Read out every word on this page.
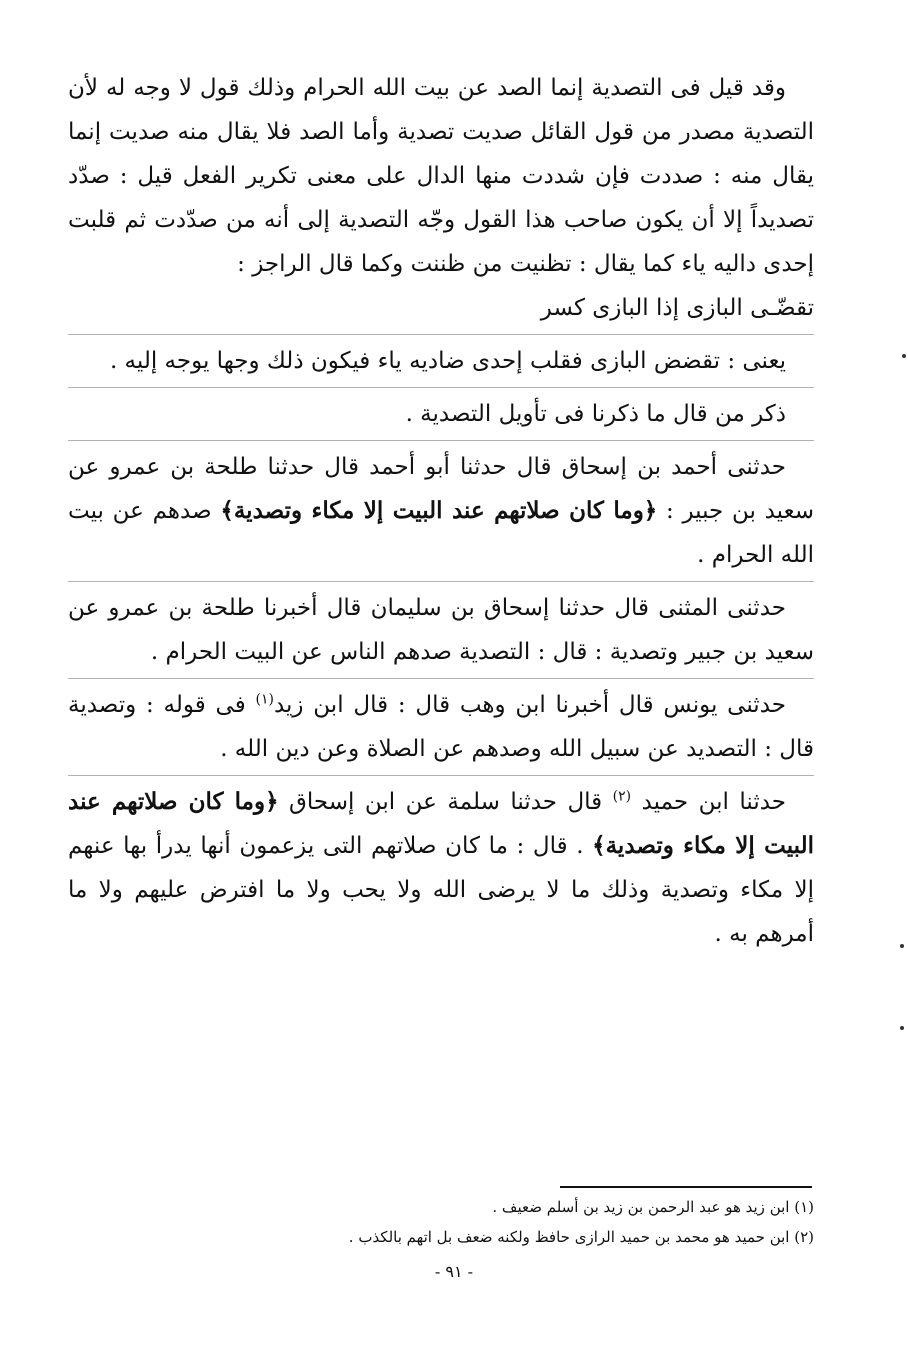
وقد قيل فى التصدية إنما الصد عن بيت الله الحرام وذلك قول لا وجه له لأن التصدية مصدر من قول القائل صديت تصدية وأما الصد فلا يقال منه صديت إنما يقال منه : صددت فإن شددت منها الدال على معنى تكرير الفعل قيل : صدّد تصديداً إلا أن يكون صاحب هذا القول وجّه التصدية إلى أنه من صدّدت ثم قلبت إحدى داليه ياء كما يقال : تظنيت من ظننت وكما قال الراجز :

تقضّـى البازى إذا البازى كسر

يعنى : تقضض البازى فقلب إحدى ضاديه ياء فيكون ذلك وجها يوجه إليه .

ذكر من قال ما ذكرنا فى تأويل التصدية .

حدثنى أحمد بن إسحاق قال حدثنا أبو أحمد قال حدثنا طلحة بن عمرو عن سعيد بن جبير : ﴿وما كان صلاتهم عند البيت إلا مكاء وتصدية﴾ صدهم عن بيت الله الحرام .

حدثنى المثنى قال حدثنا إسحاق بن سليمان قال أخبرنا طلحة بن عمرو عن سعيد بن جبير وتصدية : قال : التصدية صدهم الناس عن البيت الحرام .

حدثنى يونس قال أخبرنا ابن وهب قال : قال ابن زيد$^{(١)}$ فى قوله : وتصدية قال : التصديد عن سبيل الله وصدهم عن الصلاة وعن دين الله .

حدثنا ابن حميد $^{(٢)}$ قال حدثنا سلمة عن ابن إسحاق ﴿وما كان صلاتهم عند البيت إلا مكاء وتصدية﴾ . قال : ما كان صلاتهم التى يزعمون أنها يدرأ بها عنهم إلا مكاء وتصدية وذلك ما لا يرضى الله ولا يحب ولا ما افترض عليهم ولا ما أمرهم به .

(١) ابن زيد هو عبد الرحمن بن زيد بن أسلم ضعيف .
(٢) ابن حميد هو محمد بن حميد الرازى حافظ ولكنه ضعف بل اتهم بالكذب .
- ٩١ -
